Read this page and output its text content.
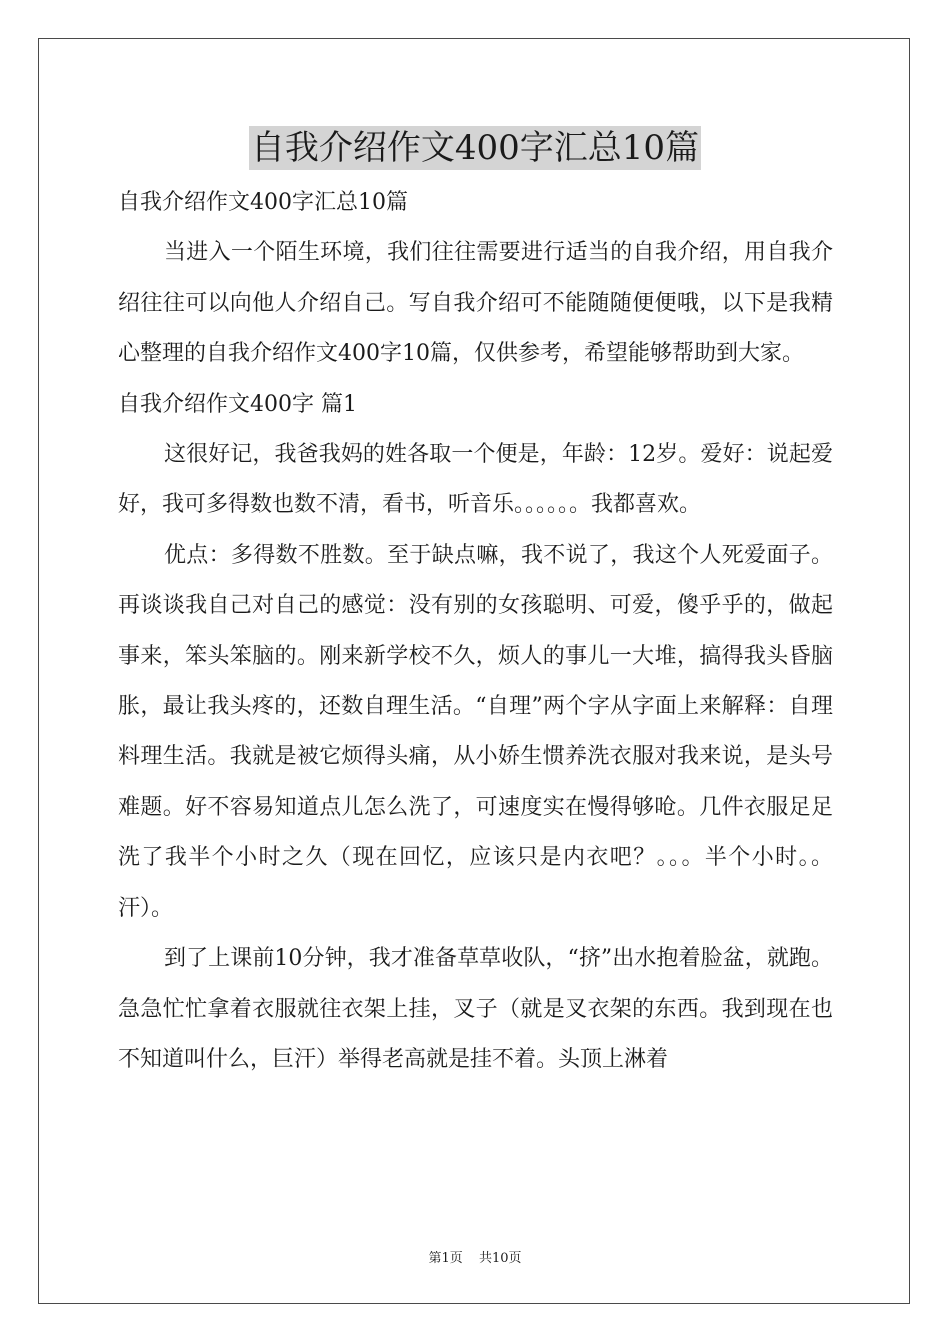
自我介绍作文400字汇总10篇

自我介绍作文400字汇总10篇

当进入一个陌生环境，我们往往需要进行适当的自我介绍，用自我介绍往往可以向他人介绍自己。写自我介绍可不能随随便便哦，以下是我精心整理的自我介绍作文400字10篇，仅供参考，希望能够帮助到大家。

自我介绍作文400字 篇1

这很好记，我爸我妈的姓各取一个便是，年龄：12岁。爱好：说起爱好，我可多得数也数不清，看书，听音乐。。。。。。我都喜欢。

优点：多得数不胜数。至于缺点嘛，我不说了，我这个人死爱面子。再谈谈我自己对自己的感觉：没有别的女孩聪明、可爱，傻乎乎的，做起事来，笨头笨脑的。刚来新学校不久，烦人的事儿一大堆，搞得我头昏脑胀，最让我头疼的，还数自理生活。“自理”两个字从字面上来解释：自理料理生活。我就是被它烦得头痛，从小娇生惯养洗衣服对我来说，是头号难题。好不容易知道点儿怎么洗了，可速度实在慢得够呛。几件衣服足足洗了我半个小时之久（现在回忆，应该只是内衣吧？。。。半个小时。。汗）。

到了上课前10分钟，我才准备草草收队，“挤”出水抱着脸盆，就跑。急急忙忙拿着衣服就往衣架上挂，叉子（就是叉衣架的东西。我到现在也不知道叫什么，巨汗）举得老高就是挂不着。头顶上淋着

第1页 共10页
